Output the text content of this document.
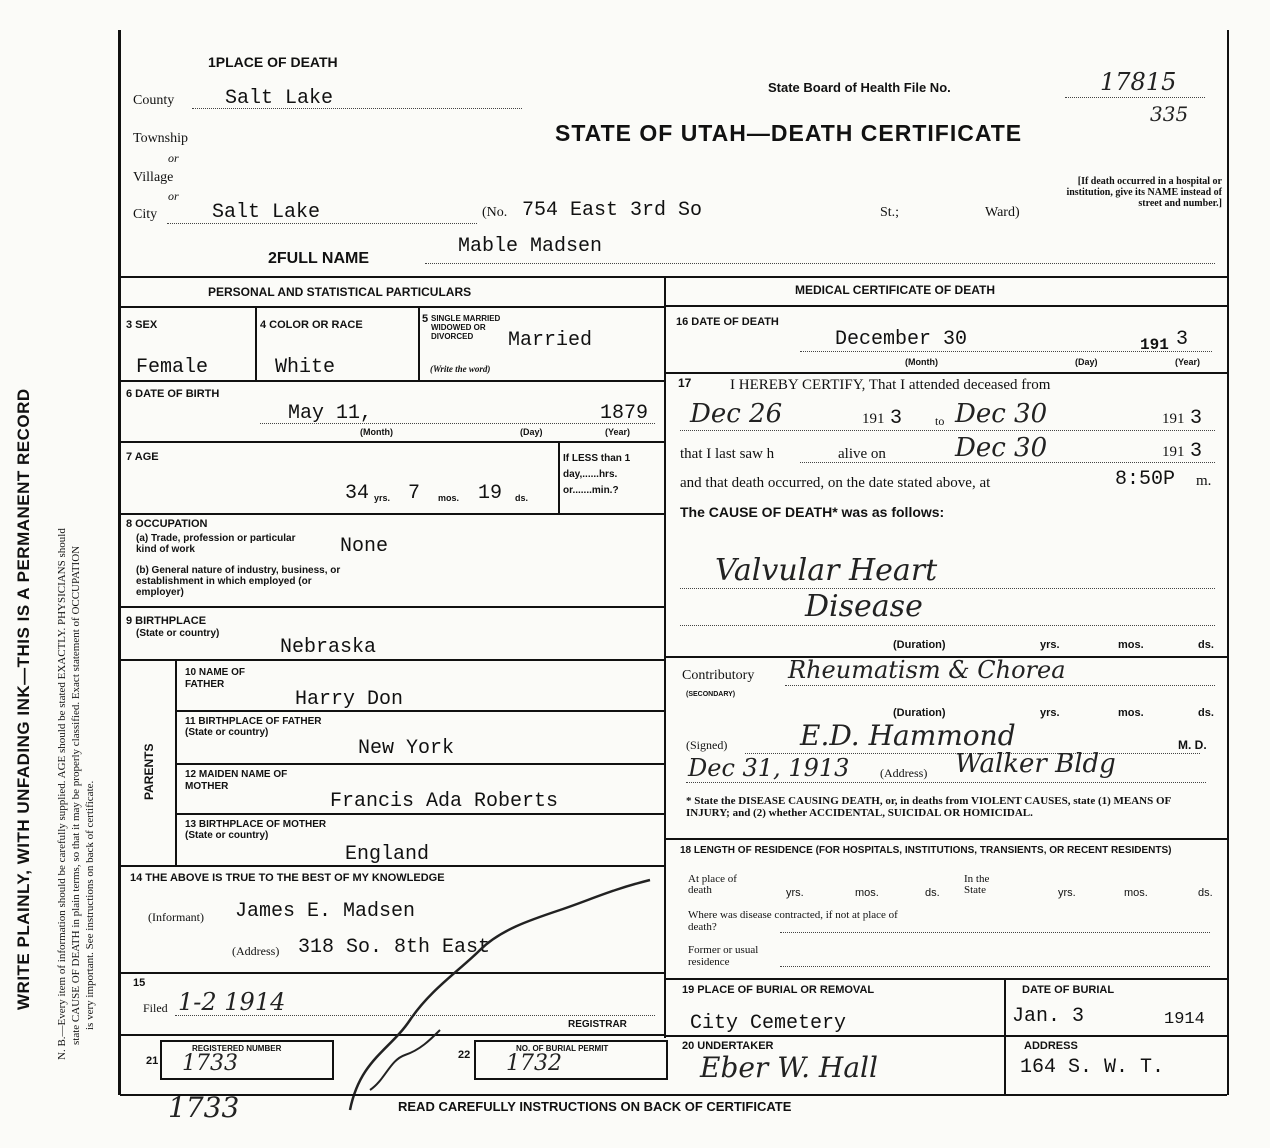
WRITE PLAINLY, WITH UNFADING INK—THIS IS A PERMANENT RECORD N. B.—Every item of information should be carefully supplied. AGE should be stated EXACTLY. PHYSICIANS should state CAUSE OF DEATH in plain terms, so that it may be properly classified. Exact statement of OCCUPATION is very important. See instructions on back of certificate.
1PLACE OF DEATH
State Board of Health File No.	17815
335
STATE OF UTAH—DEATH CERTIFICATE
[If death occurred in a hospital or institution, give its NAME instead of street and number.]
County	Salt Lake
Township
or
Village
or
City	Salt Lake	(No. 754 East 3rd So	St.;	Ward)
2FULL NAME
Mable Madsen
PERSONAL AND STATISTICAL PARTICULARS	MEDICAL CERTIFICATE OF DEATH
3 SEX
Female
4 COLOR OR RACE
White
5 SINGLE MARRIED WIDOWED OR DIVORCED	Married
(Write the word)
6 DATE OF BIRTH
May 11,	1879
(Month)	(Day)	(Year)
7 AGE
34 yrs. 7 mos. 19 ds.
If LESS than 1 day,......hrs. or.......min.?
8 OCCUPATION
(a) Trade, profession or particular kind of work	None
(b) General nature of industry, business, or establishment in which employed (or employer)
9 BIRTHPLACE
(State or country)
Nebraska
PARENTS
10 NAME OF FATHER
Harry Don
11 BIRTHPLACE OF FATHER (State or country)
New York
12 MAIDEN NAME OF MOTHER
Francis Ada Roberts
13 BIRTHPLACE OF MOTHER (State or country)
England
14 THE ABOVE IS TRUE TO THE BEST OF MY KNOWLEDGE
(Informant) James E. Madsen
(Address) 318 So. 8th East
15
Filed 1-2 1914
REGISTRAR
21
REGISTERED NUMBER
1733	22
NO. OF BURIAL PERMIT
1732
1733
16 DATE OF DEATH
December 30	191 3
(Month)	(Day)	(Year)
17	I HEREBY CERTIFY, That I attended deceased from
Dec 26	191 3	to Dec 30	191 3
that I last saw h	alive on	Dec 30	191 3
and that death occurred, on the date stated above, at	8:50P m.
The CAUSE OF DEATH* was as follows:
Valvular Heart
Disease
(Duration)	yrs.	mos.	ds.
Contributory
(SECONDARY)
Rheumatism & Chorea
(Duration)	yrs.	mos.	ds.
(Signed)	E.D. Hammond	M. D.
Dec 31, 1913	(Address) Walker Bldg
* State the DISEASE CAUSING DEATH, or, in deaths from VIOLENT CAUSES, state (1) MEANS OF INJURY; and (2) whether ACCIDENTAL, SUICIDAL OR HOMICIDAL.
18 LENGTH OF RESIDENCE (FOR HOSPITALS, INSTITUTIONS, TRANSIENTS, OR RECENT RESIDENTS)
At place of death	yrs.	mos.	ds.
In the State	yrs.	mos.	ds.
Where was disease contracted, if not at place of death?
Former or usual residence
19 PLACE OF BURIAL OR REMOVAL
City Cemetery
DATE OF BURIAL
Jan. 3	1914
20 UNDERTAKER
Eber W. Hall
ADDRESS
164 S. W. T.
READ CAREFULLY INSTRUCTIONS ON BACK OF CERTIFICATE
